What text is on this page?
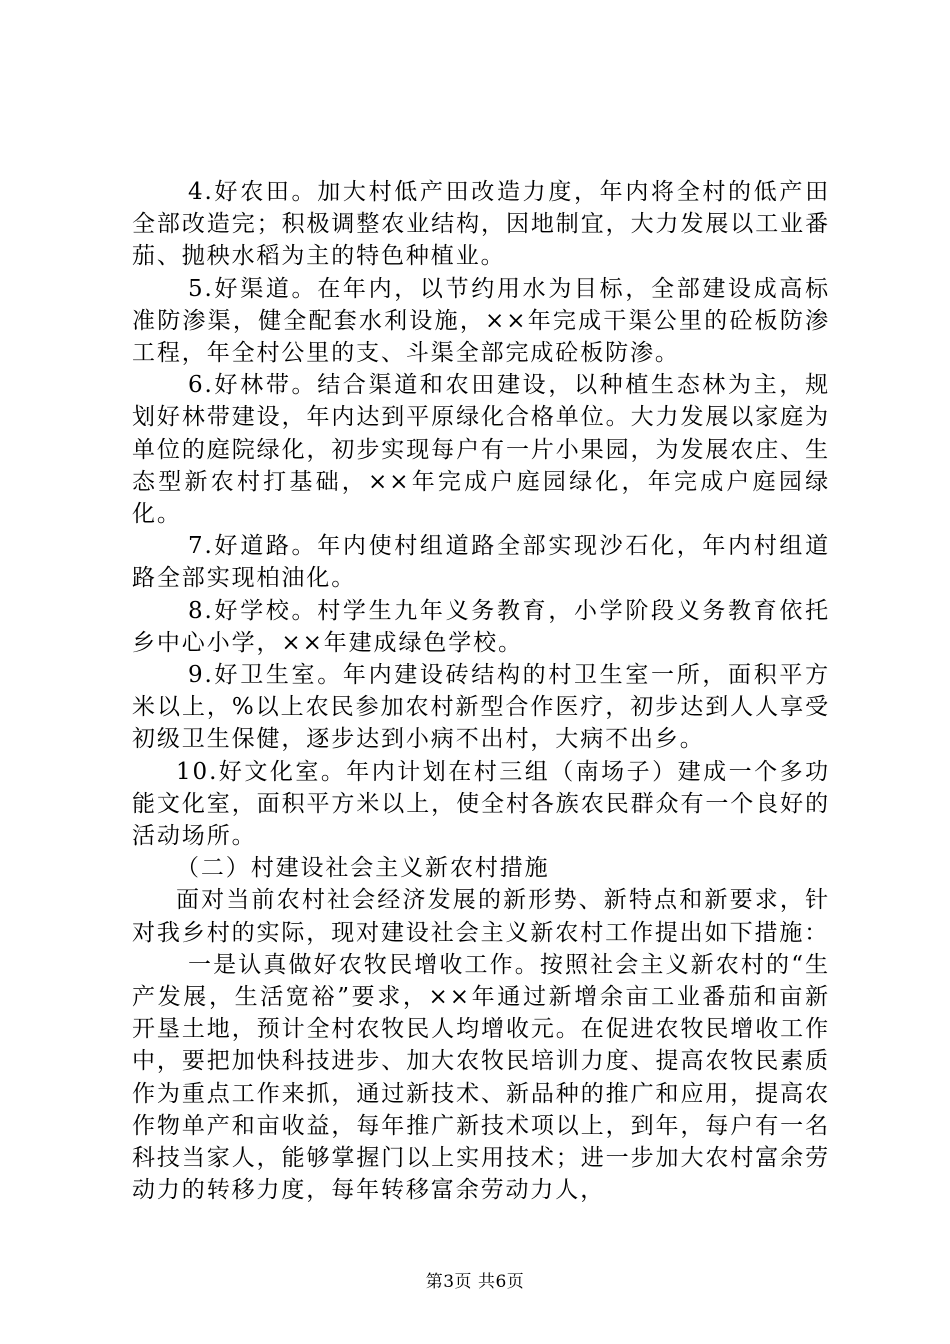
4.好农田。加大村低产田改造力度，年内将全村的低产田全部改造完；积极调整农业结构，因地制宜，大力发展以工业番茄、抛秧水稻为主的特色种植业。

5.好渠道。在年内，以节约用水为目标，全部建设成高标准防渗渠，健全配套水利设施，××年完成干渠公里的砼板防渗工程，年全村公里的支、斗渠全部完成砼板防渗。

6.好林带。结合渠道和农田建设，以种植生态林为主，规划好林带建设，年内达到平原绿化合格单位。大力发展以家庭为单位的庭院绿化，初步实现每户有一片小果园，为发展农庄、生态型新农村打基础，××年完成户庭园绿化，年完成户庭园绿化。

7.好道路。年内使村组道路全部实现沙石化，年内村组道路全部实现柏油化。

8.好学校。村学生九年义务教育，小学阶段义务教育依托乡中心小学，××年建成绿色学校。

9.好卫生室。年内建设砖结构的村卫生室一所，面积平方米以上，%以上农民参加农村新型合作医疗，初步达到人人享受初级卫生保健，逐步达到小病不出村，大病不出乡。

10.好文化室。年内计划在村三组（南场子）建成一个多功能文化室，面积平方米以上，使全村各族农民群众有一个良好的活动场所。

（二）村建设社会主义新农村措施

面对当前农村社会经济发展的新形势、新特点和新要求，针对我乡村的实际，现对建设社会主义新农村工作提出如下措施：

一是认真做好农牧民增收工作。按照社会主义新农村的“生产发展，生活宽裕”要求，××年通过新增余亩工业番茄和亩新开垦土地，预计全村农牧民人均增收元。在促进农牧民增收工作中，要把加快科技进步、加大农牧民培训力度、提高农牧民素质作为重点工作来抓，通过新技术、新品种的推广和应用，提高农作物单产和亩收益，每年推广新技术项以上，到年，每户有一名科技当家人，能够掌握门以上实用技术；进一步加大农村富余劳动力的转移力度，每年转移富余劳动力人，

第3页 共6页
